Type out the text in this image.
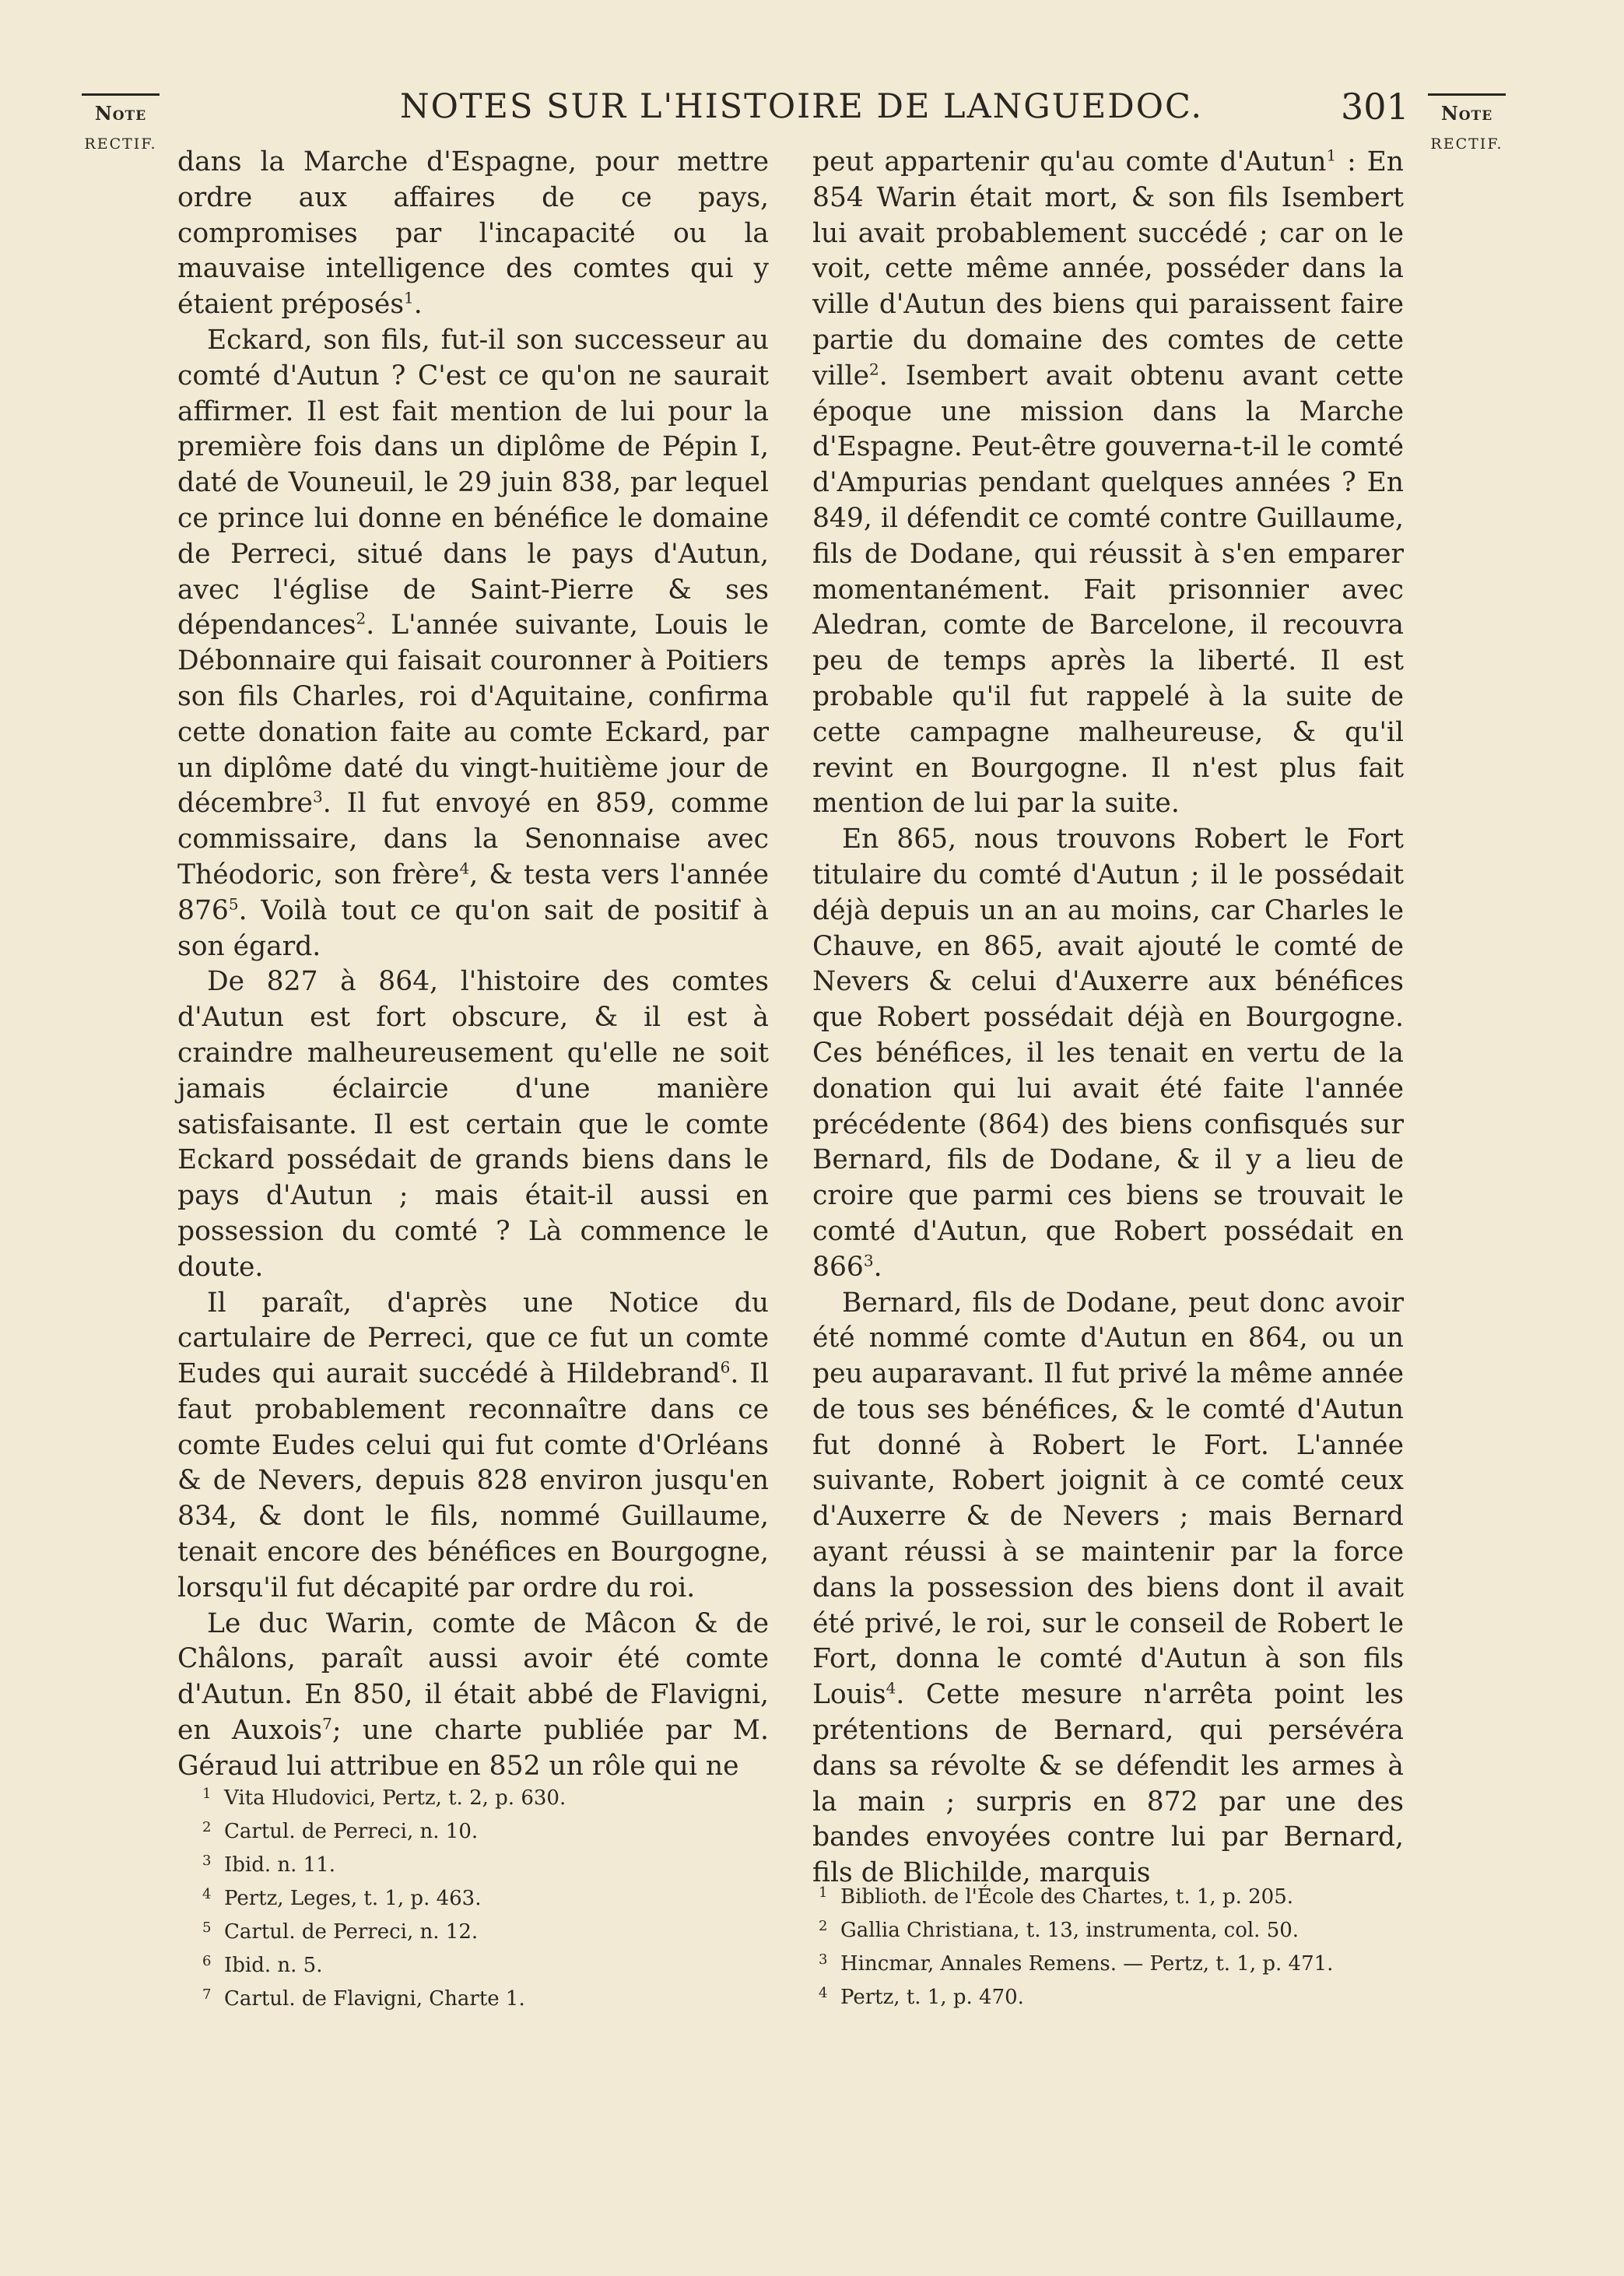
Note
RECTIF.
NOTES SUR L'HISTOIRE DE LANGUEDOC.	301	Note
RECTIF.

dans la Marche d'Espagne, pour mettre ordre aux affaires de ce pays, compromises par l'incapacité ou la mauvaise intelligence des comtes qui y étaient préposés$^1$.

Eckard, son fils, fut-il son successeur au comté d'Autun ? C'est ce qu'on ne saurait affirmer. Il est fait mention de lui pour la première fois dans un diplôme de Pépin I, daté de Vouneuil, le 29 juin 838, par lequel ce prince lui donne en bénéfice le domaine de Perreci, situé dans le pays d'Autun, avec l'église de Saint-Pierre & ses dépendances$^2$. L'année suivante, Louis le Débonnaire qui faisait couronner à Poitiers son fils Charles, roi d'Aquitaine, confirma cette donation faite au comte Eckard, par un diplôme daté du vingt-huitième jour de décembre$^3$. Il fut envoyé en 859, comme commissaire, dans la Senonnaise avec Théodoric, son frère$^4$, & testa vers l'année $876^5$. Voilà tout ce qu'on sait de positif à son égard.

De 827 à 864, l'histoire des comtes d'Autun est fort obscure, & il est à craindre malheureusement qu'elle ne soit jamais éclaircie d'une manière satisfaisante. Il est certain que le comte Eckard possédait de grands biens dans le pays d'Autun ; mais était-il aussi en possession du comté ? Là commence le doute.

Il paraît, d'après une Notice du cartulaire de Perreci, que ce fut un comte Eudes qui aurait succédé à Hildebrand$^6$. Il faut probablement reconnaître dans ce comte Eudes celui qui fut comte d'Orléans & de Nevers, depuis 828 environ jusqu'en 834, & dont le fils, nommé Guillaume, tenait encore des bénéfices en Bourgogne, lorsqu'il fut décapité par ordre du roi.

Le duc Warin, comte de Mâcon & de Châlons, paraît aussi avoir été comte d'Autun. En 850, il était abbé de Flavigni, en Auxois$^7$; une charte publiée par M. Géraud lui attribue en 852 un rôle qui ne

peut appartenir qu'au comte d'Autun$^1$ : En 854 Warin était mort, & son fils Isembert lui avait probablement succédé ; car on le voit, cette même année, posséder dans la ville d'Autun des biens qui paraissent faire partie du domaine des comtes de cette ville$^2$. Isembert avait obtenu avant cette époque une mission dans la Marche d'Espagne. Peut-être gouverna-t-il le comté d'Ampurias pendant quelques années ? En 849, il défendit ce comté contre Guillaume, fils de Dodane, qui réussit à s'en emparer momentanément. Fait prisonnier avec Aledran, comte de Barcelone, il recouvra peu de temps après la liberté. Il est probable qu'il fut rappelé à la suite de cette campagne malheureuse, & qu'il revint en Bourgogne. Il n'est plus fait mention de lui par la suite.

En 865, nous trouvons Robert le Fort titulaire du comté d'Autun ; il le possédait déjà depuis un an au moins, car Charles le Chauve, en 865, avait ajouté le comté de Nevers & celui d'Auxerre aux bénéfices que Robert possédait déjà en Bourgogne. Ces bénéfices, il les tenait en vertu de la donation qui lui avait été faite l'année précédente (864) des biens confisqués sur Bernard, fils de Dodane, & il y a lieu de croire que parmi ces biens se trouvait le comté d'Autun, que Robert possédait en $866^3$.

Bernard, fils de Dodane, peut donc avoir été nommé comte d'Autun en 864, ou un peu auparavant. Il fut privé la même année de tous ses bénéfices, & le comté d'Autun fut donné à Robert le Fort. L'année suivante, Robert joignit à ce comté ceux d'Auxerre & de Nevers ; mais Bernard ayant réussi à se maintenir par la force dans la possession des biens dont il avait été privé, le roi, sur le conseil de Robert le Fort, donna le comté d'Autun à son fils Louis$^4$. Cette mesure n'arrêta point les prétentions de Bernard, qui persévéra dans sa révolte & se défendit les armes à la main ; surpris en 872 par une des bandes envoyées contre lui par Bernard, fils de Blichilde, marquis

1 Vita Hludovici, Pertz, t. 2, p. 630.
2 Cartul. de Perreci, n. 10.
3 Ibid. n. 11.
4 Pertz, Leges, t. 1, p. 463.
5 Cartul. de Perreci, n. 12.
6 Ibid. n. 5.
7 Cartul. de Flavigni, Charte 1.
1 Biblioth. de l'École des Chartes, t. 1, p. 205.
2 Gallia Christiana, t. 13, instrumenta, col. 50.
3 Hincmar, Annales Remens. — Pertz, t. 1, p. 471.
4 Pertz, t. 1, p. 470.
